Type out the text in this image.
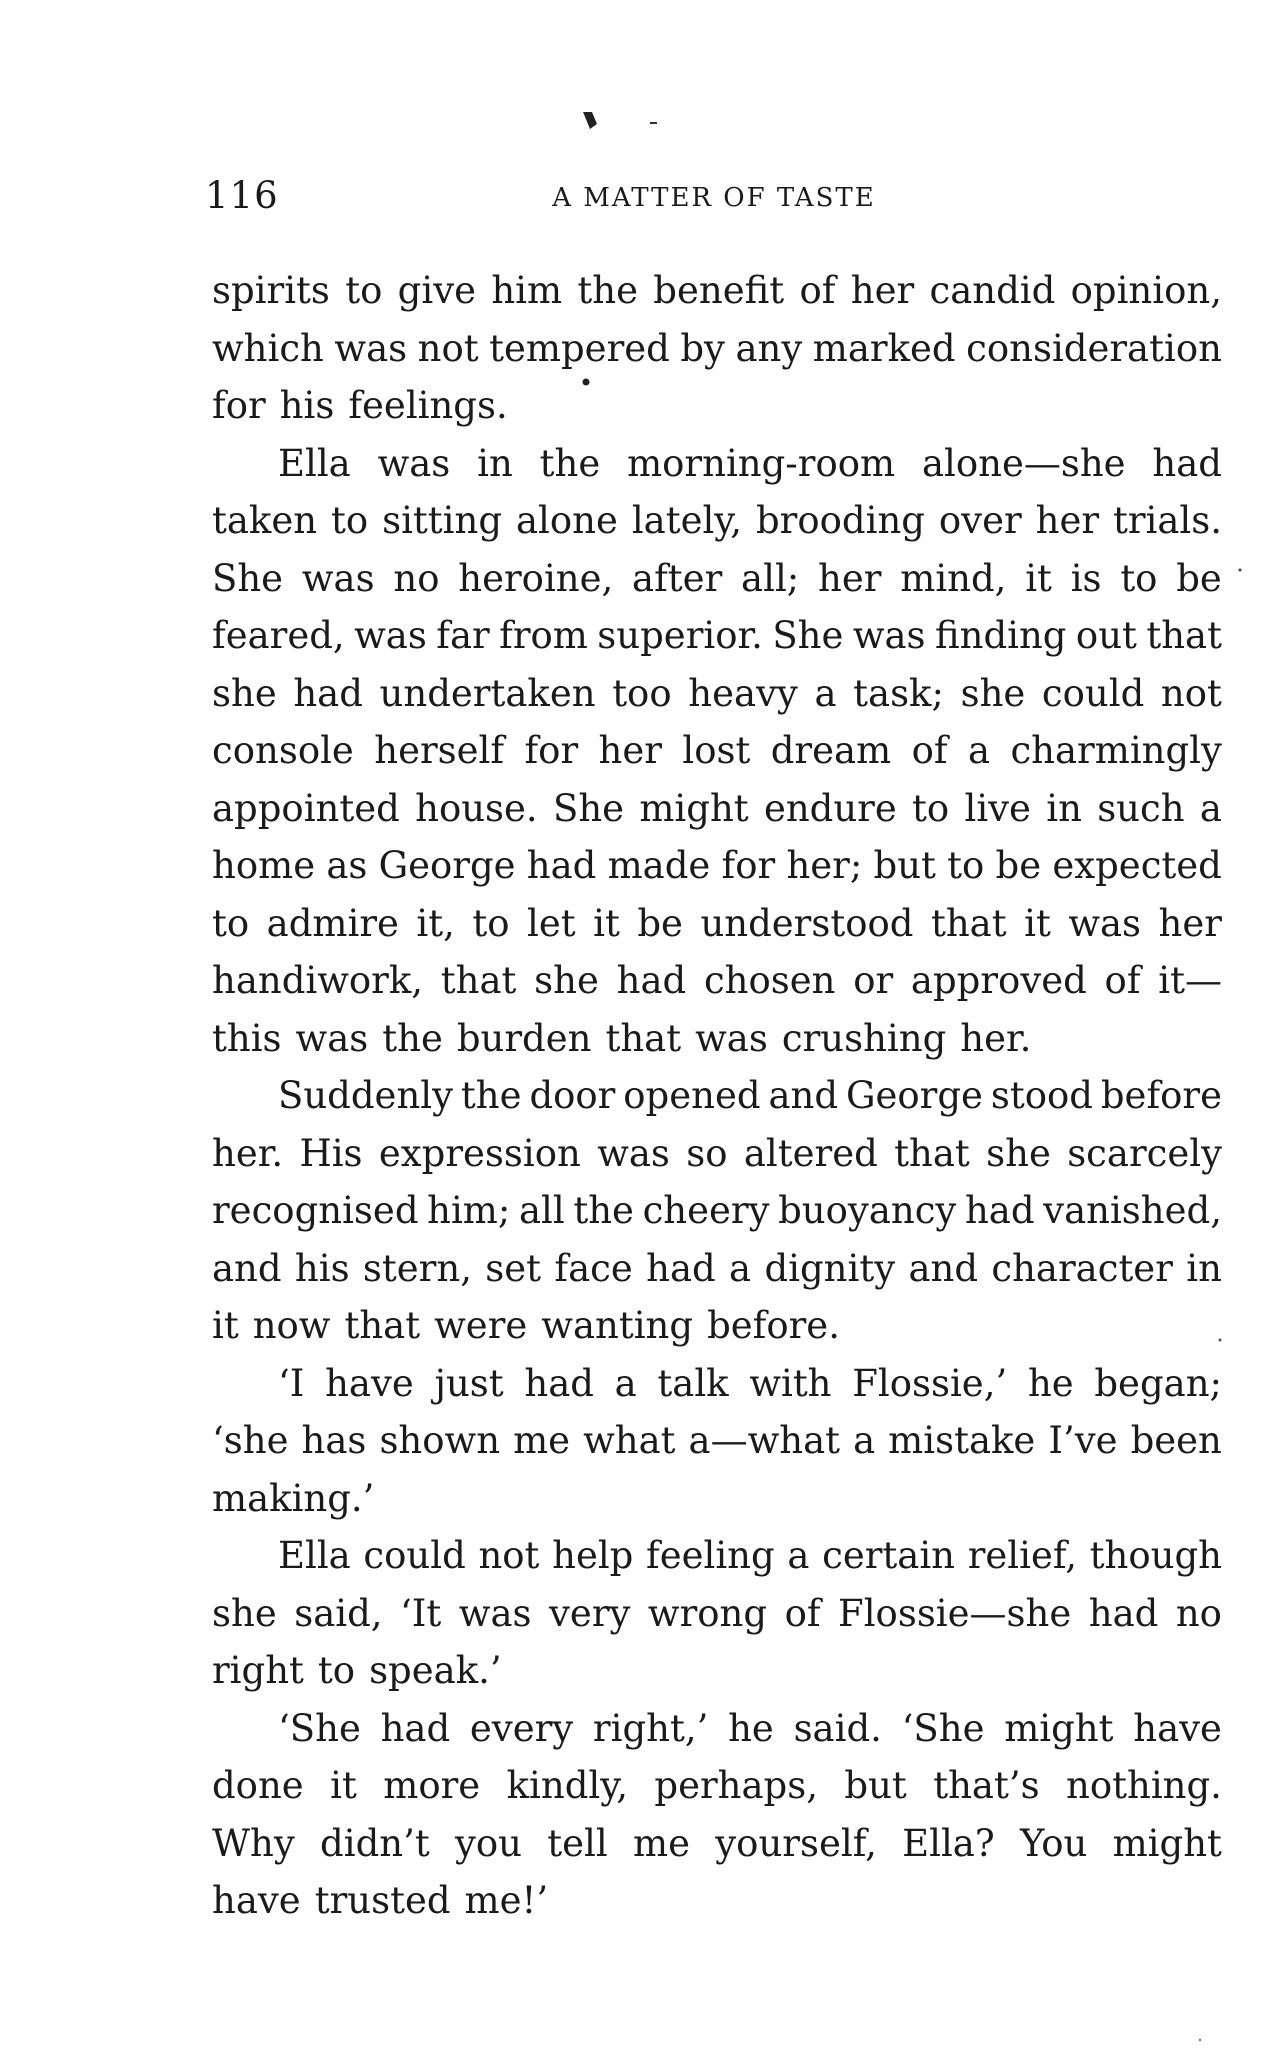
116	A MATTER OF TASTE
spirits to give him the benefit of her candid opinion,
which was not tempered by any marked consideration
for his feelings.
Ella was in the morning-room alone—she had
taken to sitting alone lately, brooding over her trials.
She was no heroine, after all; her mind, it is to be
feared, was far from superior. She was finding out that
she had undertaken too heavy a task; she could not
console herself for her lost dream of a charmingly
appointed house. She might endure to live in such a
home as George had made for her; but to be expected
to admire it, to let it be understood that it was her
handiwork, that she had chosen or approved of it—
this was the burden that was crushing her.
Suddenly the door opened and George stood before
her. His expression was so altered that she scarcely
recognised him; all the cheery buoyancy had vanished,
and his stern, set face had a dignity and character in
it now that were wanting before.
‘I have just had a talk with Flossie,’ he began;
‘she has shown me what a—what a mistake I’ve been
making.’
Ella could not help feeling a certain relief, though
she said, ‘It was very wrong of Flossie—she had no
right to speak.’
‘She had every right,’ he said. ‘She might have
done it more kindly, perhaps, but that’s nothing.
Why didn’t you tell me yourself, Ella? You might
have trusted me!’
